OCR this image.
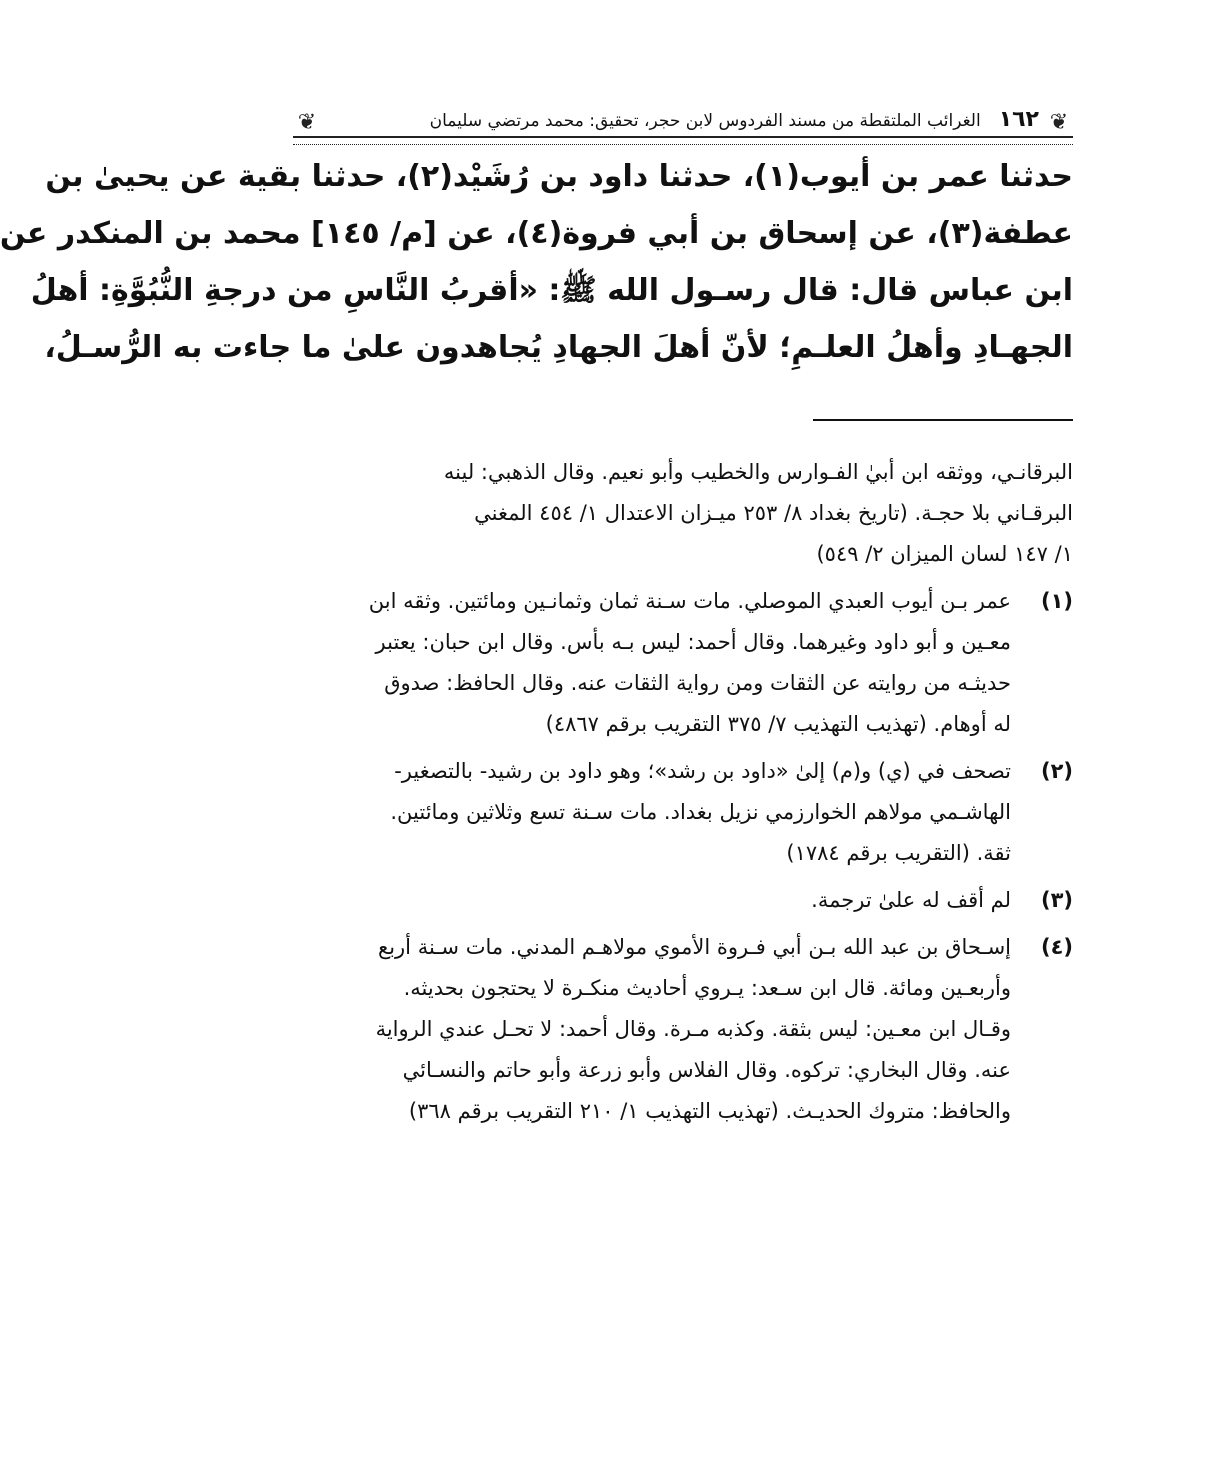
❦
١٦٢
الغرائب الملتقطة من مسند الفردوس لابن حجر، تحقيق: محمد مرتضي سليمان
❦
حدثنا عمر بن أيوب(١)، حدثنا داود بن رُشَيْد(٢)، حدثنا بقية عن يحيىٰ بن
عطفة(٣)، عن إسحاق بن أبي فروة(٤)، عن [م/ ١٤٥] محمد بن المنكدر عن
ابن عباس قال: قال رسـول الله ﷺ: «أقربُ النَّاسِ من درجةِ النُّبُوَّةِ: أهلُ
الجهـادِ وأهلُ العلـمِ؛ لأنّ أهلَ الجهادِ يُجاهدون علىٰ ما جاءت به الرُّسـلُ،
البرقانـي، ووثقه ابن أبيٰ الفـوارس والخطيب وأبو نعيم. وقال الذهبي: لينه
البرقـاني بلا حجـة. (تاريخ بغداد ٨/ ٢٥٣ ميـزان الاعتدال ١/ ٤٥٤ المغني
١/ ١٤٧ لسان الميزان ٢/ ٥٤٩)
(١)
عمر بـن أيوب العبدي الموصلي. مات سـنة ثمان وثمانـين ومائتين. وثقه ابن
معـين و أبو داود وغيرهما. وقال أحمد: ليس بـه بأس. وقال ابن حبان: يعتبر
حديثـه من روايته عن الثقات ومن رواية الثقات عنه. وقال الحافظ: صدوق
له أوهام. (تهذيب التهذيب ٧/ ٣٧٥ التقريب برقم ٤٨٦٧)
(٢)
تصحف في (ي) و(م) إلىٰ «داود بن رشد»؛ وهو داود بن رشيد- بالتصغير-
الهاشـمي مولاهم الخوارزمي نزيل بغداد. مات سـنة تسع وثلاثين ومائتين.
ثقة. (التقريب برقم ١٧٨٤)
(٣)
لم أقف له علىٰ ترجمة.
(٤)
إسـحاق بن عبد الله بـن أبي فـروة الأموي مولاهـم المدني. مات سـنة أربع
وأربعـين ومائة. قال ابن سـعد: يـروي أحاديث منكـرة لا يحتجون بحديثه.
وقـال ابن معـين: ليس بثقة. وكذبه مـرة. وقال أحمد: لا تحـل عندي الرواية
عنه. وقال البخاري: تركوه. وقال الفلاس وأبو زرعة وأبو حاتم والنسـائي
والحافظ: متروك الحديـث. (تهذيب التهذيب ١/ ٢١٠ التقريب برقم ٣٦٨)
